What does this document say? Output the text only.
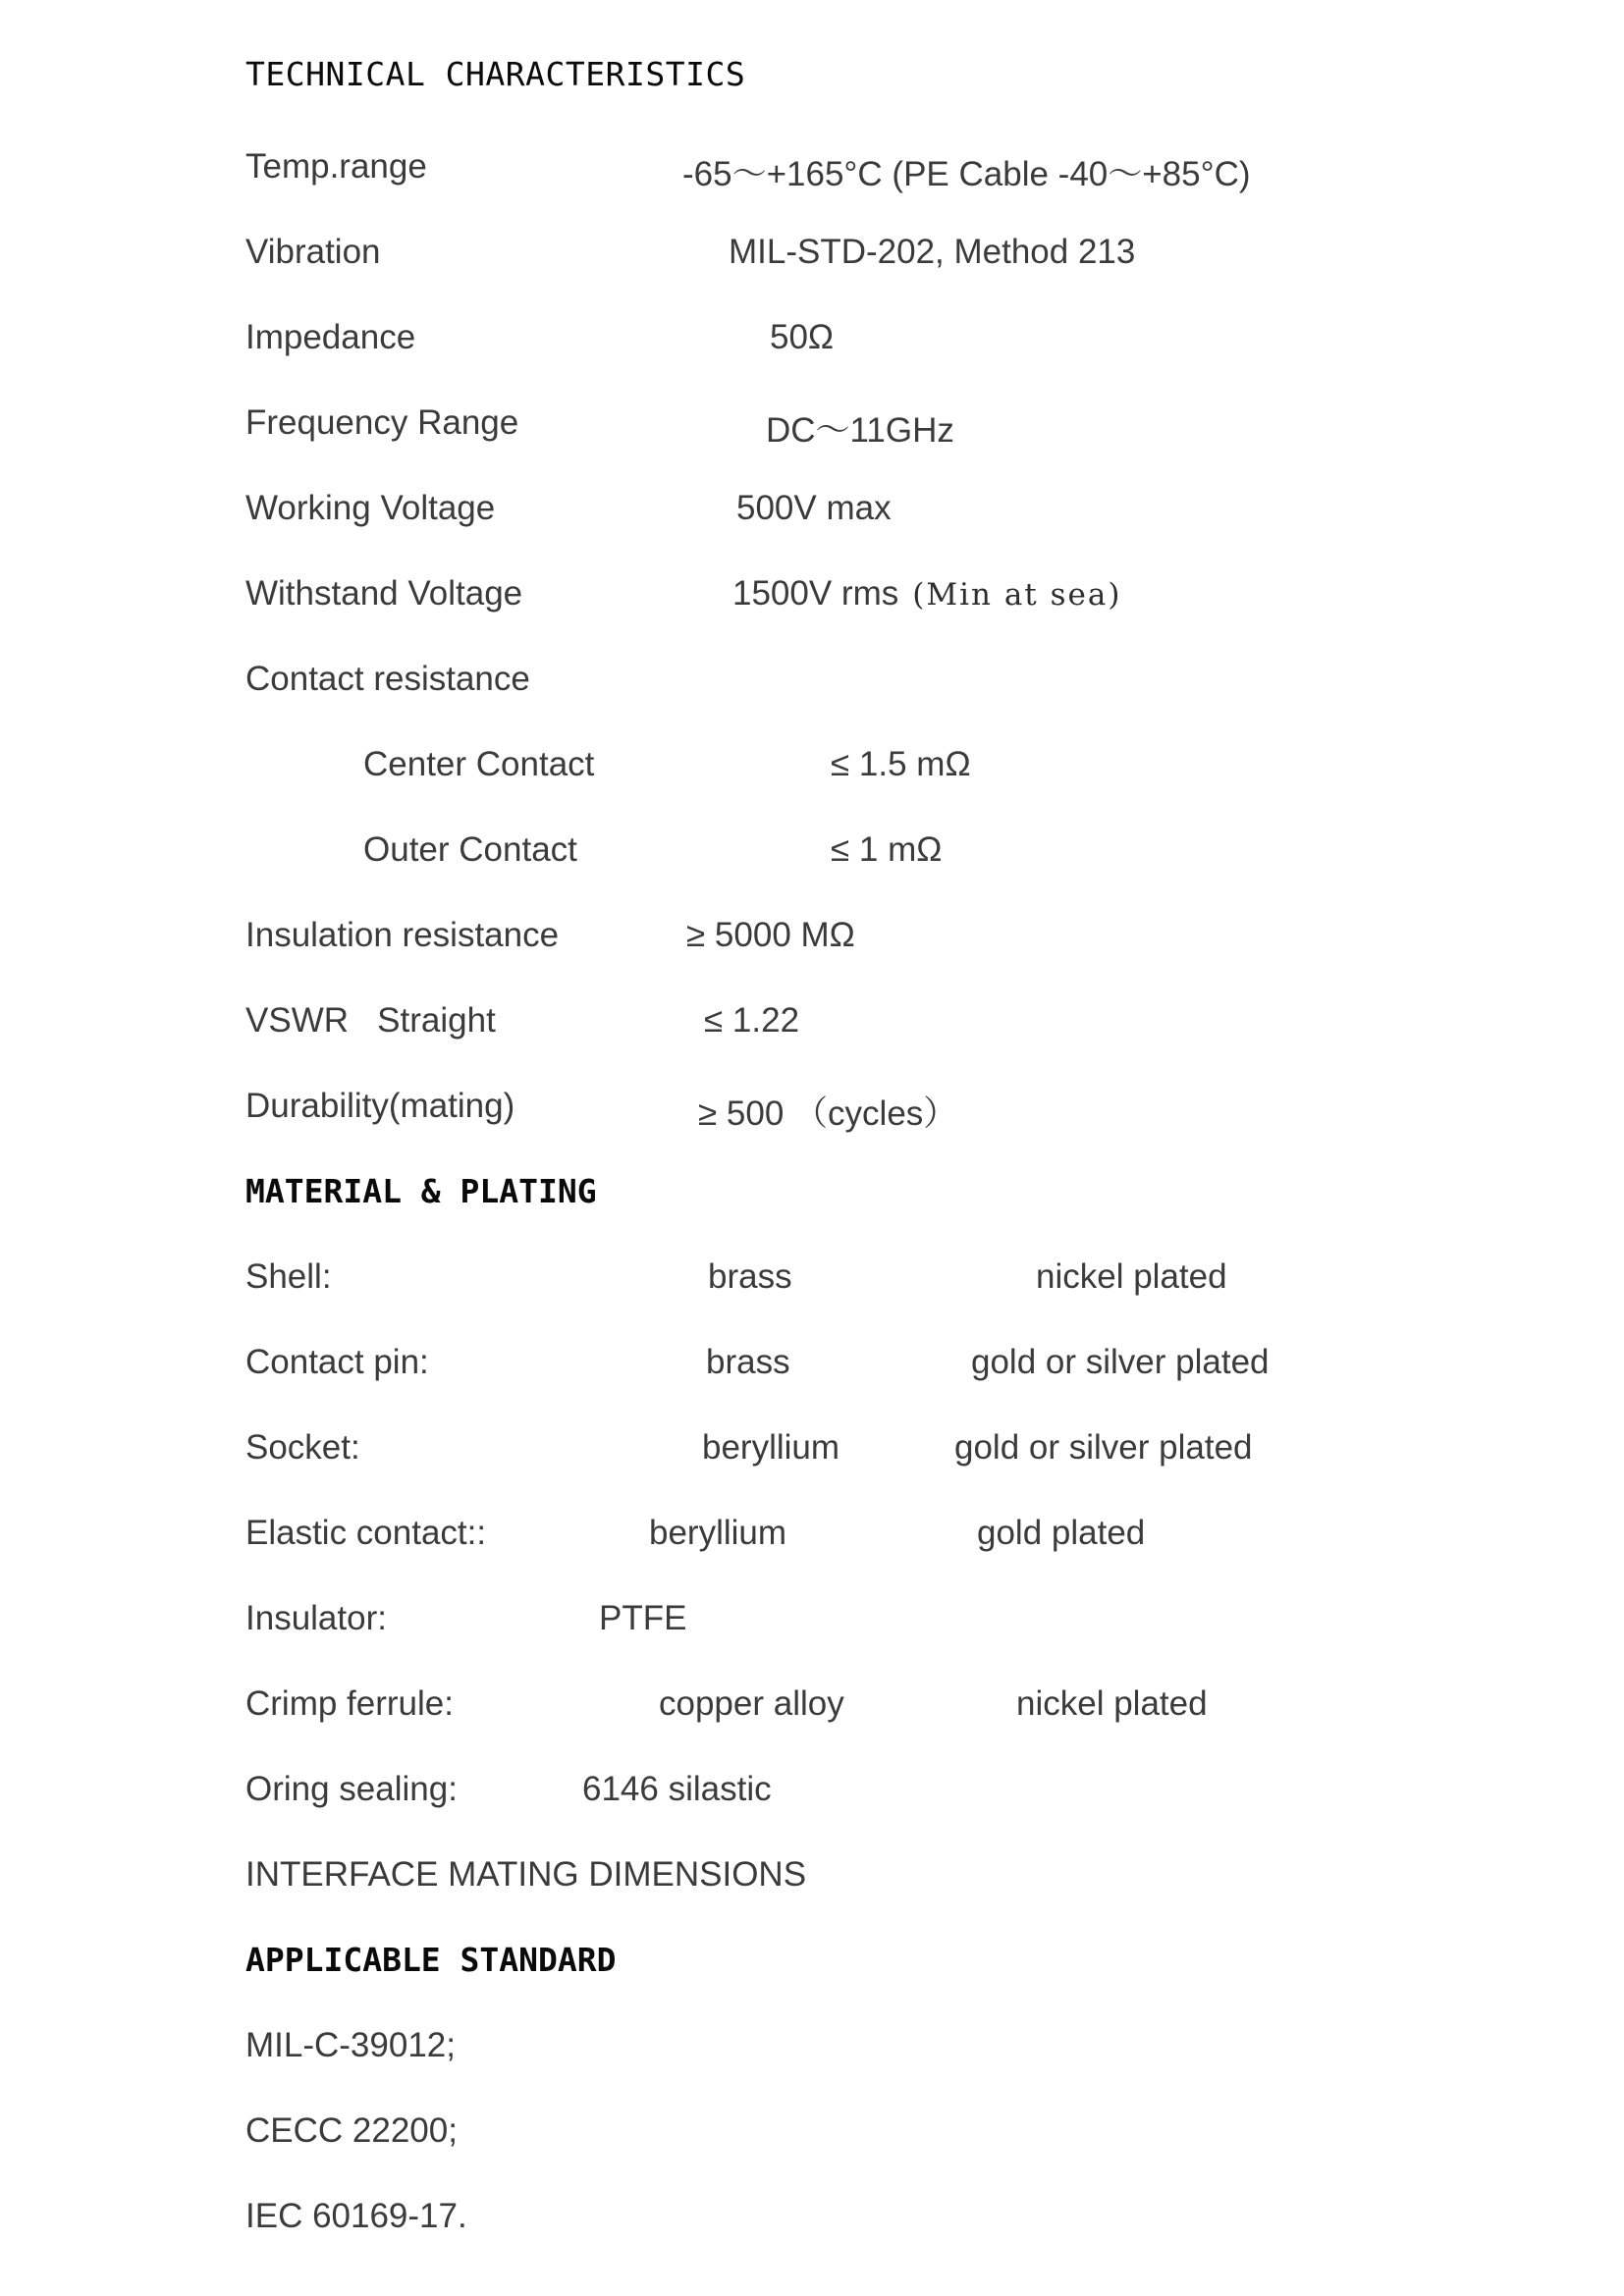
TECHNICAL CHARACTERISTICS
Temp.range	-65～+165°C (PE Cable -40～+85°C)
Vibration	MIL-STD-202, Method 213
Impedance	50Ω
Frequency Range	DC～11GHz
Working Voltage	500V max
Withstand Voltage	1500V rms (Min at sea)
Contact resistance
Center Contact	≤ 1.5 mΩ
Outer Contact	≤ 1 mΩ
Insulation resistance	≥ 5000 MΩ
VSWR   Straight	≤ 1.22
Durability(mating)	≥ 500 （cycles）
MATERIAL & PLATING
Shell:	brass	nickel plated
Contact pin:	brass	gold or silver plated
Socket:	beryllium	gold or silver plated
Elastic contact::	beryllium	gold plated
Insulator:	PTFE
Crimp ferrule:	copper alloy	nickel plated
Oring sealing:	6146 silastic
INTERFACE MATING DIMENSIONS
APPLICABLE STANDARD
MIL-C-39012;
CECC 22200;
IEC 60169-17.
